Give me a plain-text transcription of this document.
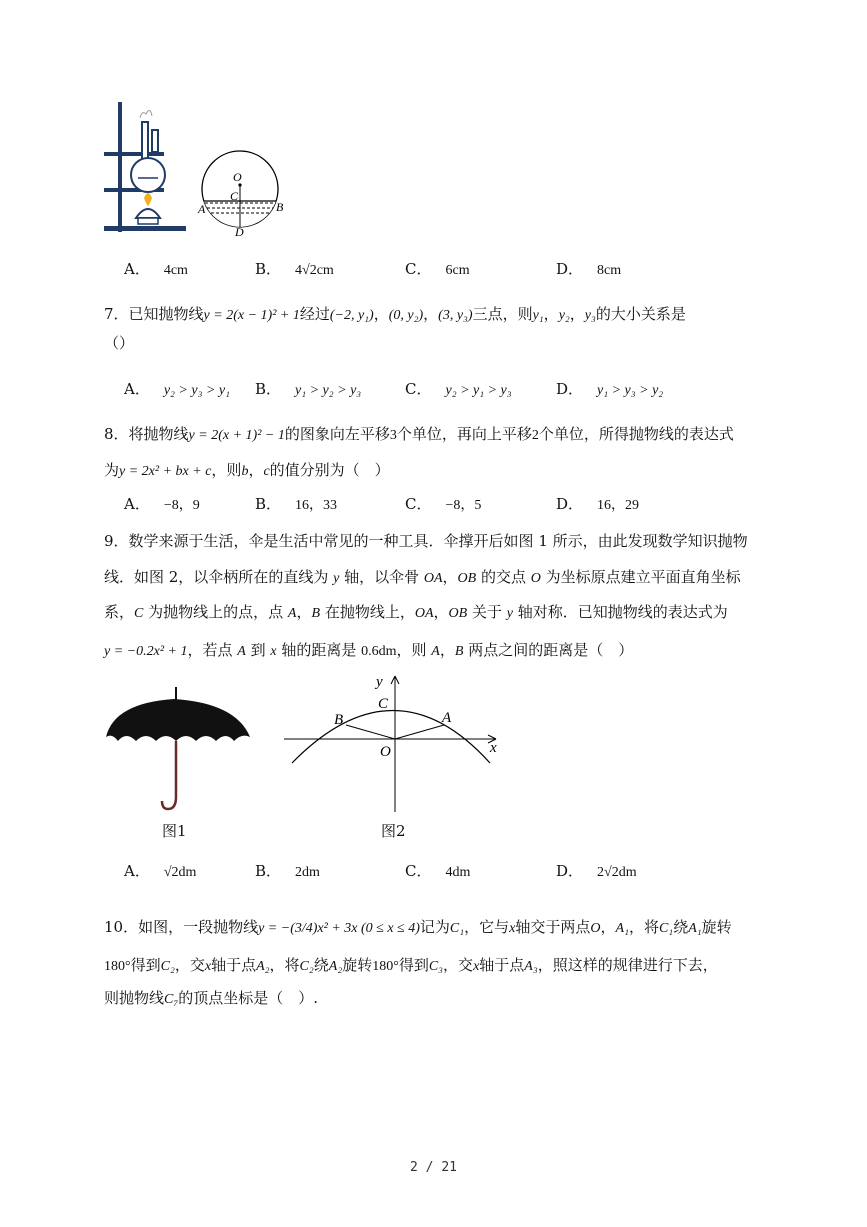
O
C
A	B
D
A． 4cm	B． 4√2cm	C． 6cm	D． 8cm
7．已知抛物线y = 2(x − 1)² + 1经过(−2, y₁)，(0, y₂)，(3, y₃)三点，则y₁，y₂，y₃的大小关系是
（）
A． y₂ > y₃ > y₁ B． y₁ > y₂ > y₃	C． y₂ > y₁ > y₃	D． y₁ > y₃ > y₂
8．将抛物线y = 2(x + 1)² − 1的图象向左平移3个单位，再向上平移2个单位，所得抛物线的表达式
为y = 2x² + bx + c，则b，c的值分别为（　）
A． −8，9	B． 16，33	C． −8，5	D． 16，29
9．数学来源于生活，伞是生活中常见的一种工具．伞撑开后如图 1 所示，由此发现数学知识抛物
线．如图 2，以伞柄所在的直线为 y 轴，以伞骨 OA，OB 的交点 O 为坐标原点建立平面直角坐标
系，C 为抛物线上的点，点 A，B 在抛物线上，OA，OB 关于 y 轴对称．已知抛物线的表达式为
y = −0.2x² + 1，若点 A 到 x 轴的距离是 0.6dm，则 A，B 两点之间的距离是（　）
图1
y
x
C
B	A
O
图2
A． √2dm	B． 2dm	C． 4dm	D． 2√2dm
10．如图，一段抛物线y = −(3/4)x² + 3x (0 ≤ x ≤ 4)记为C₁，它与x轴交于两点O，A₁，将C₁绕A₁旋转
180°得到C₂，交x轴于点A₂，将C₂绕A₂旋转180°得到C₃，交x轴于点A₃，照这样的规律进行下去，
则抛物线C₇的顶点坐标是（　）.
2 / 21
